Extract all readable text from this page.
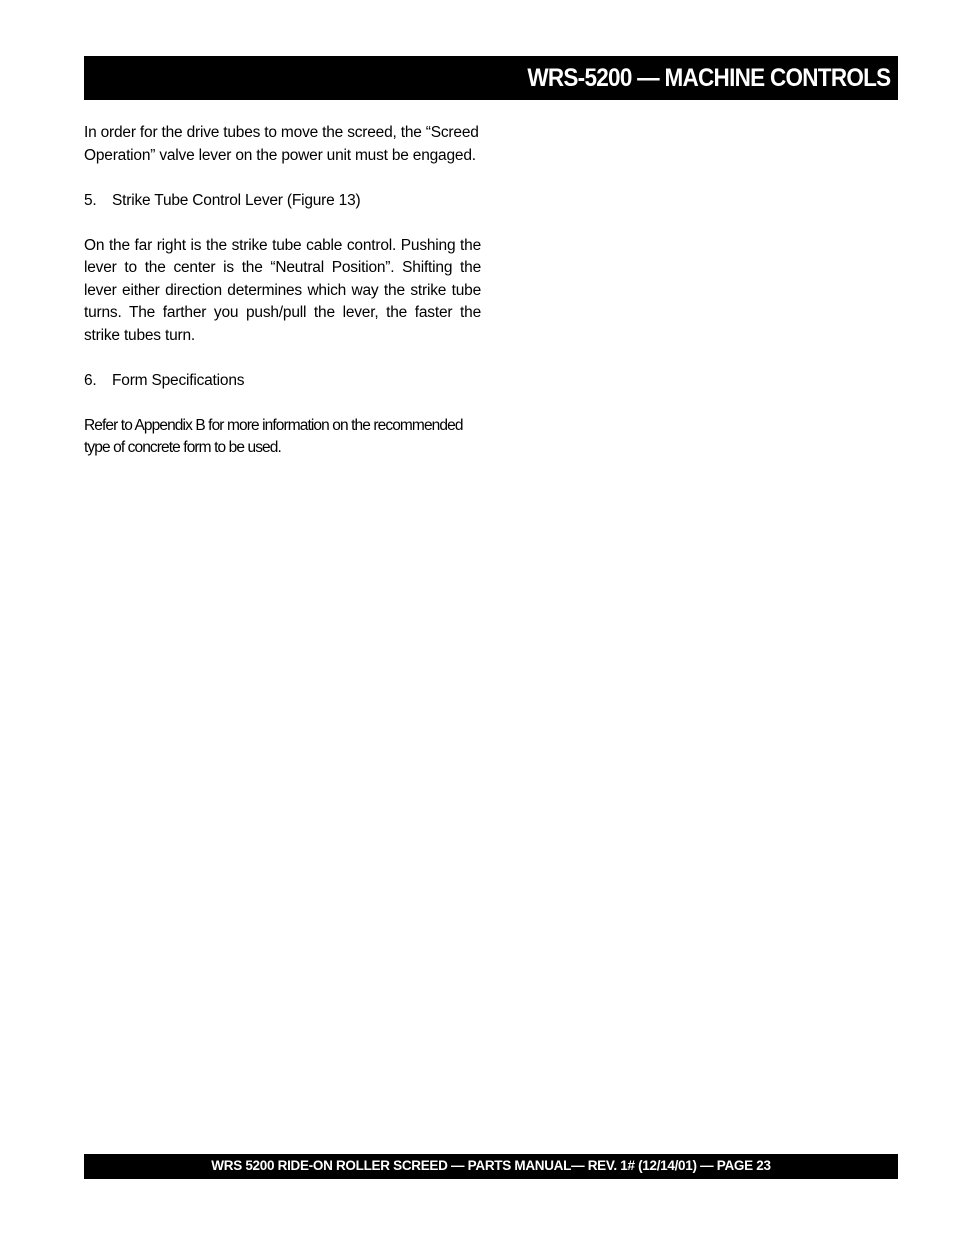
WRS-5200 — MACHINE CONTROLS

In order for the drive tubes to move the screed, the “Screed Operation” valve lever on the power unit must be engaged.

5. Strike Tube Control Lever (Figure 13)

On the far right is the strike tube cable control. Pushing the lever to the center is the “Neutral Position”. Shifting the lever either direction determines which way the strike tube turns. The farther you push/pull the lever, the faster the strike tubes turn.

6. Form Specifications

Refer to Appendix B for more information on the recommended type of concrete form to be used.

WRS 5200 RIDE-ON ROLLER SCREED — PARTS MANUAL— REV. 1# (12/14/01) — PAGE 23
